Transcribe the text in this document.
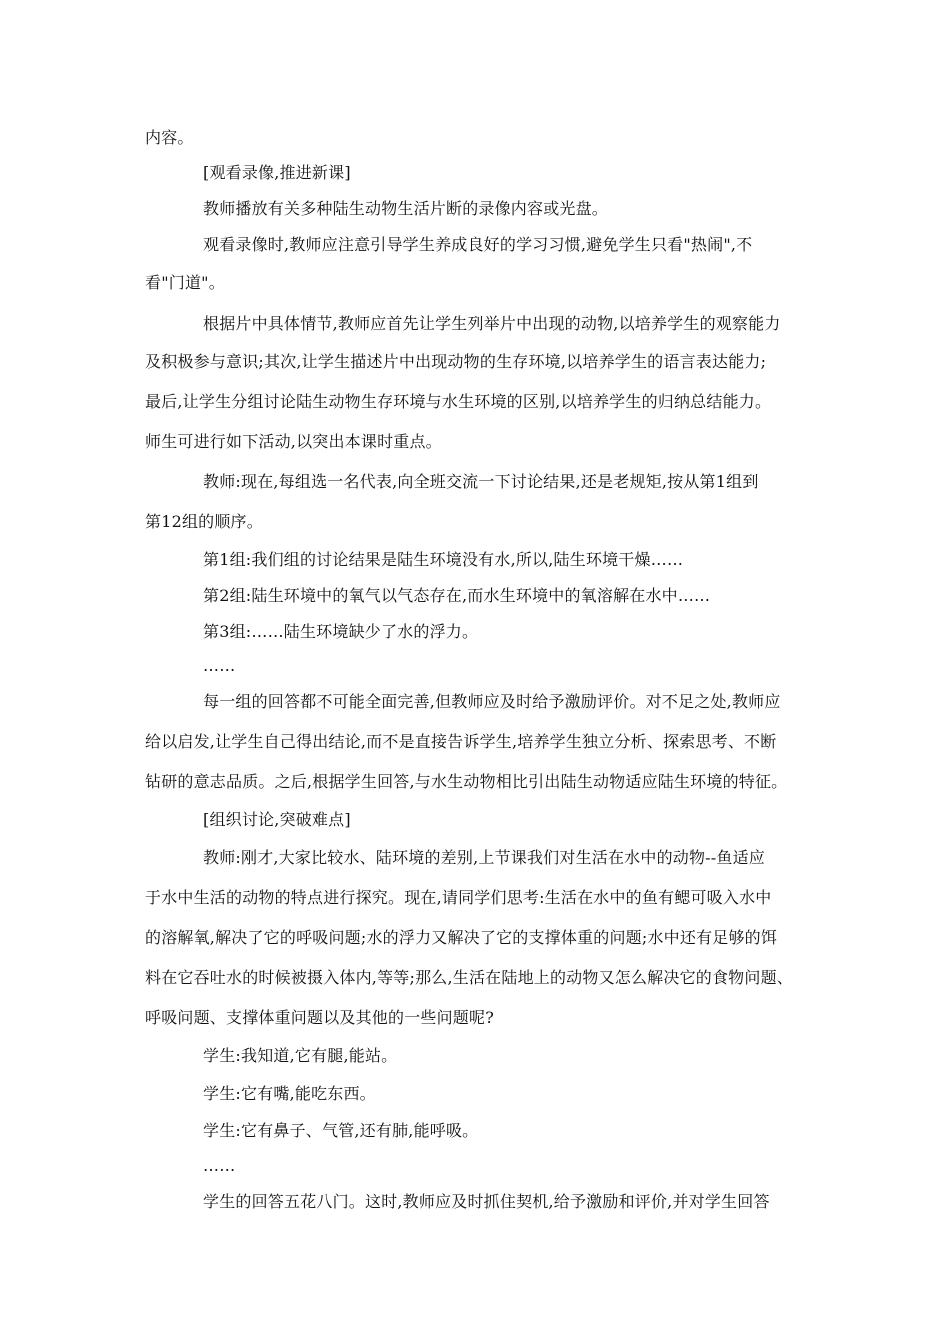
内容。
[观看录像,推进新课]
教师播放有关多种陆生动物生活片断的录像内容或光盘。
观看录像时,教师应注意引导学生养成良好的学习习惯,避免学生只看"热闹",不
看"门道"。
根据片中具体情节,教师应首先让学生列举片中出现的动物,以培养学生的观察能力
及积极参与意识;其次,让学生描述片中出现动物的生存环境,以培养学生的语言表达能力;
最后,让学生分组讨论陆生动物生存环境与水生环境的区别,以培养学生的归纳总结能力。
师生可进行如下活动,以突出本课时重点。
教师:现在,每组选一名代表,向全班交流一下讨论结果,还是老规矩,按从第1组到
第12组的顺序。
第1组:我们组的讨论结果是陆生环境没有水,所以,陆生环境干燥……
第2组:陆生环境中的氧气以气态存在,而水生环境中的氧溶解在水中……
第3组:……陆生环境缺少了水的浮力。
……
每一组的回答都不可能全面完善,但教师应及时给予激励评价。对不足之处,教师应
给以启发,让学生自己得出结论,而不是直接告诉学生,培养学生独立分析、探索思考、不断
钻研的意志品质。之后,根据学生回答,与水生动物相比引出陆生动物适应陆生环境的特征。
[组织讨论,突破难点]
教师:刚才,大家比较水、陆环境的差别,上节课我们对生活在水中的动物--鱼适应
于水中生活的动物的特点进行探究。现在,请同学们思考:生活在水中的鱼有鳃可吸入水中
的溶解氧,解决了它的呼吸问题;水的浮力又解决了它的支撑体重的问题;水中还有足够的饵
料在它吞吐水的时候被摄入体内,等等;那么,生活在陆地上的动物又怎么解决它的食物问题、
呼吸问题、支撑体重问题以及其他的一些问题呢?
学生:我知道,它有腿,能站。
学生:它有嘴,能吃东西。
学生:它有鼻子、气管,还有肺,能呼吸。
……
学生的回答五花八门。这时,教师应及时抓住契机,给予激励和评价,并对学生回答
